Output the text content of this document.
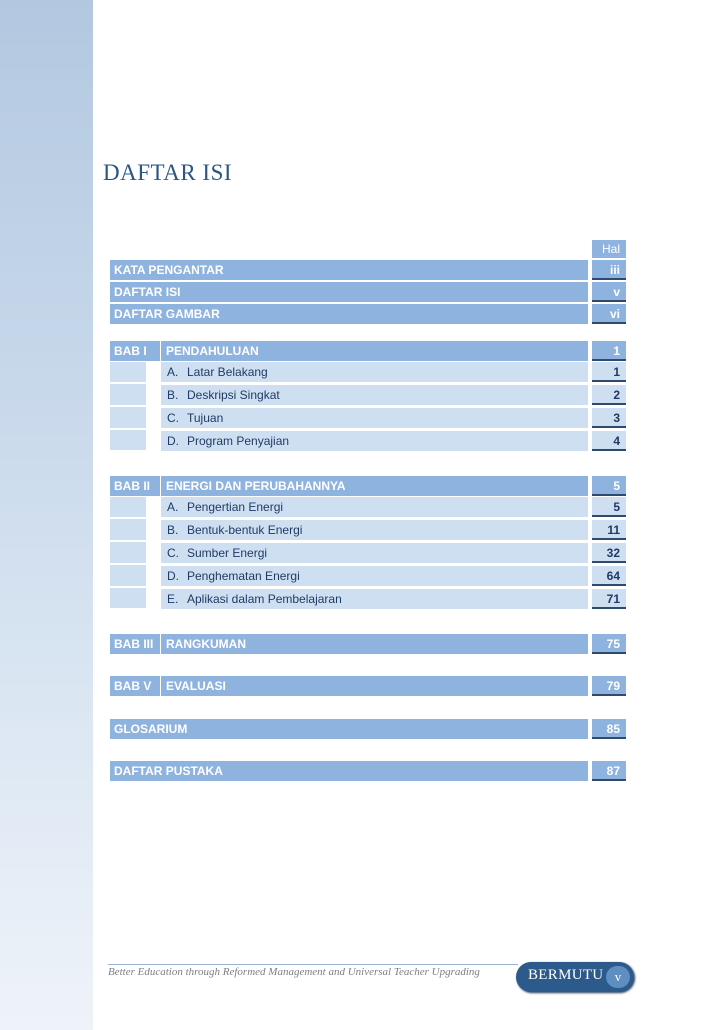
DAFTAR ISI
Hal
KATA PENGANTAR	iii
DAFTAR ISI	v
DAFTAR GAMBAR	vi
BAB I	PENDAHULUAN	1
A. Latar Belakang	1
B. Deskripsi Singkat	2
C. Tujuan	3
D. Program Penyajian	4
BAB II	ENERGI DAN PERUBAHANNYA	5
A. Pengertian Energi	5
B. Bentuk-bentuk Energi	11
C. Sumber Energi	32
D. Penghematan Energi	64
E. Aplikasi dalam Pembelajaran	71
BAB III	RANGKUMAN	75
BAB V	EVALUASI	79
GLOSARIUM	85
DAFTAR PUSTAKA	87
Better Education through Reformed Management and Universal Teacher Upgrading	BERMUTU v
